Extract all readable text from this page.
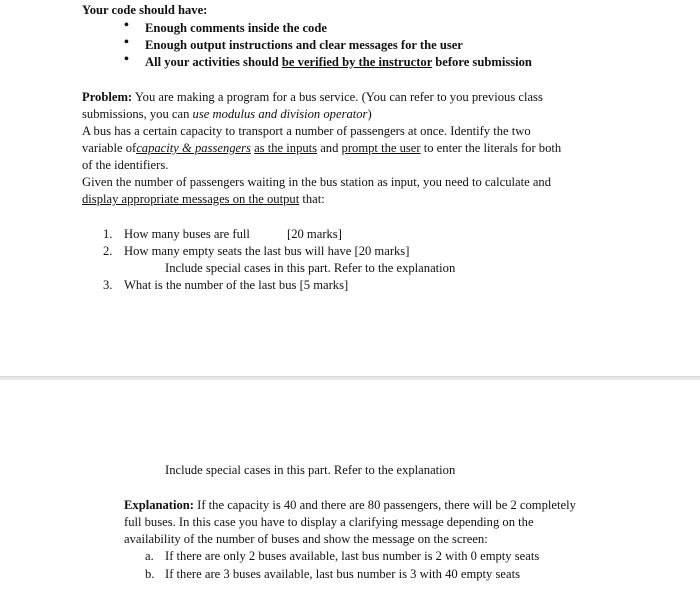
Your code should have:
• Enough comments inside the code
• Enough output instructions and clear messages for the user
• All your activities should be verified by the instructor before submission
Problem: You are making a program for a bus service. (You can refer to you previous class
submissions, you can use modulus and division operator)
A bus has a certain capacity to transport a number of passengers at once. Identify the two
variable ofcapacity & passengers as the inputs and prompt the user to enter the literals for both
of the identifiers.
Given the number of passengers waiting in the bus station as input, you need to calculate and
display appropriate messages on the output that:
1. How many buses are full	[20 marks]
2. How many empty seats the last bus will have [20 marks]
Include special cases in this part. Refer to the explanation
3. What is the number of the last bus [5 marks]
Include special cases in this part. Refer to the explanation
Explanation: If the capacity is 40 and there are 80 passengers, there will be 2 completely
full buses. In this case you have to display a clarifying message depending on the
availability of the number of buses and show the message on the screen:
a. If there are only 2 buses available, last bus number is 2 with 0 empty seats
b. If there are 3 buses available, last bus number is 3 with 40 empty seats
